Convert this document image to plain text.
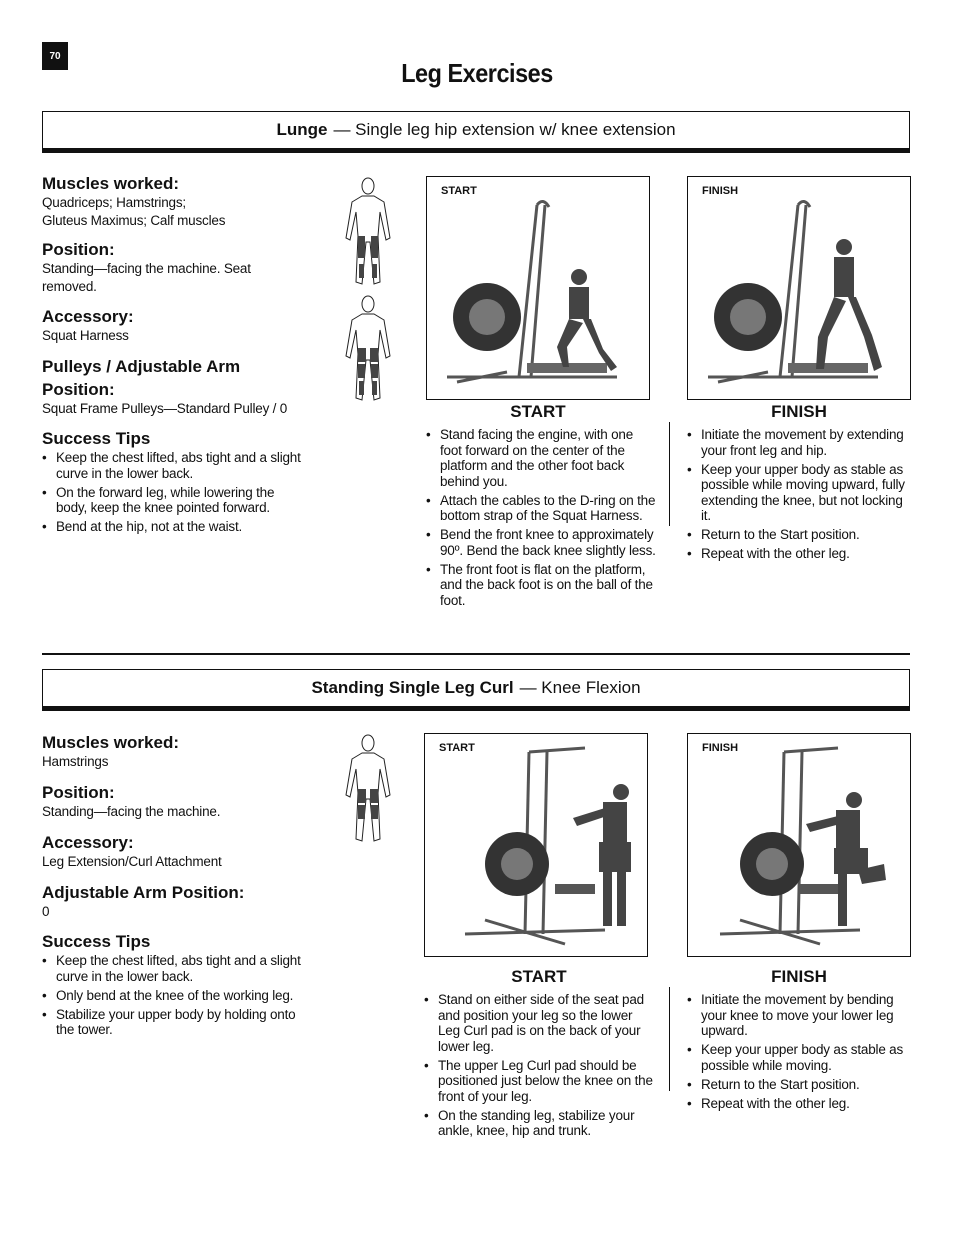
70
Leg Exercises
Lunge — Single leg hip extension w/ knee extension
Muscles worked:
Quadriceps; Hamstrings;
Gluteus Maximus; Calf muscles
Position:
Standing—facing the machine. Seat
removed.
Accessory:
Squat Harness
Pulleys / Adjustable Arm
Position:
Squat Frame Pulleys—Standard Pulley / 0
Success Tips
• Keep the chest lifted, abs tight and a slight curve in the lower back.
• On the forward leg, while lowering the body, keep the knee pointed forward.
• Bend at the hip, not at the waist.
START	FINISH
START
• Stand facing the engine, with one foot forward on the center of the platform and the other foot back behind you.
• Attach the cables to the D-ring on the bottom strap of the Squat Harness.
• Bend the front knee to approximately 90º. Bend the back knee slightly less.
• The front foot is flat on the platform, and the back foot is on the ball of the foot.
FINISH
• Initiate the movement by extending your front leg and hip.
• Keep your upper body as stable as possible while moving upward, fully extending the knee, but not locking it.
• Return to the Start position.
• Repeat with the other leg.
Standing Single Leg Curl — Knee Flexion
Muscles worked:
Hamstrings
Position:
Standing—facing the machine.
Accessory:
Leg Extension/Curl Attachment
Adjustable Arm Position:
0
Success Tips
• Keep the chest lifted, abs tight and a slight curve in the lower back.
• Only bend at the knee of the working leg.
• Stabilize your upper body by holding onto the tower.
START	FINISH
START
• Stand on either side of the seat pad and position your leg so the lower Leg Curl pad is on the back of your lower leg.
• The upper Leg Curl pad should be positioned just below the knee on the front of your leg.
• On the standing leg, stabilize your ankle, knee, hip and trunk.
FINISH
• Initiate the movement by bending your knee to move your lower leg upward.
• Keep your upper body as stable as possible while moving.
• Return to the Start position.
• Repeat with the other leg.
